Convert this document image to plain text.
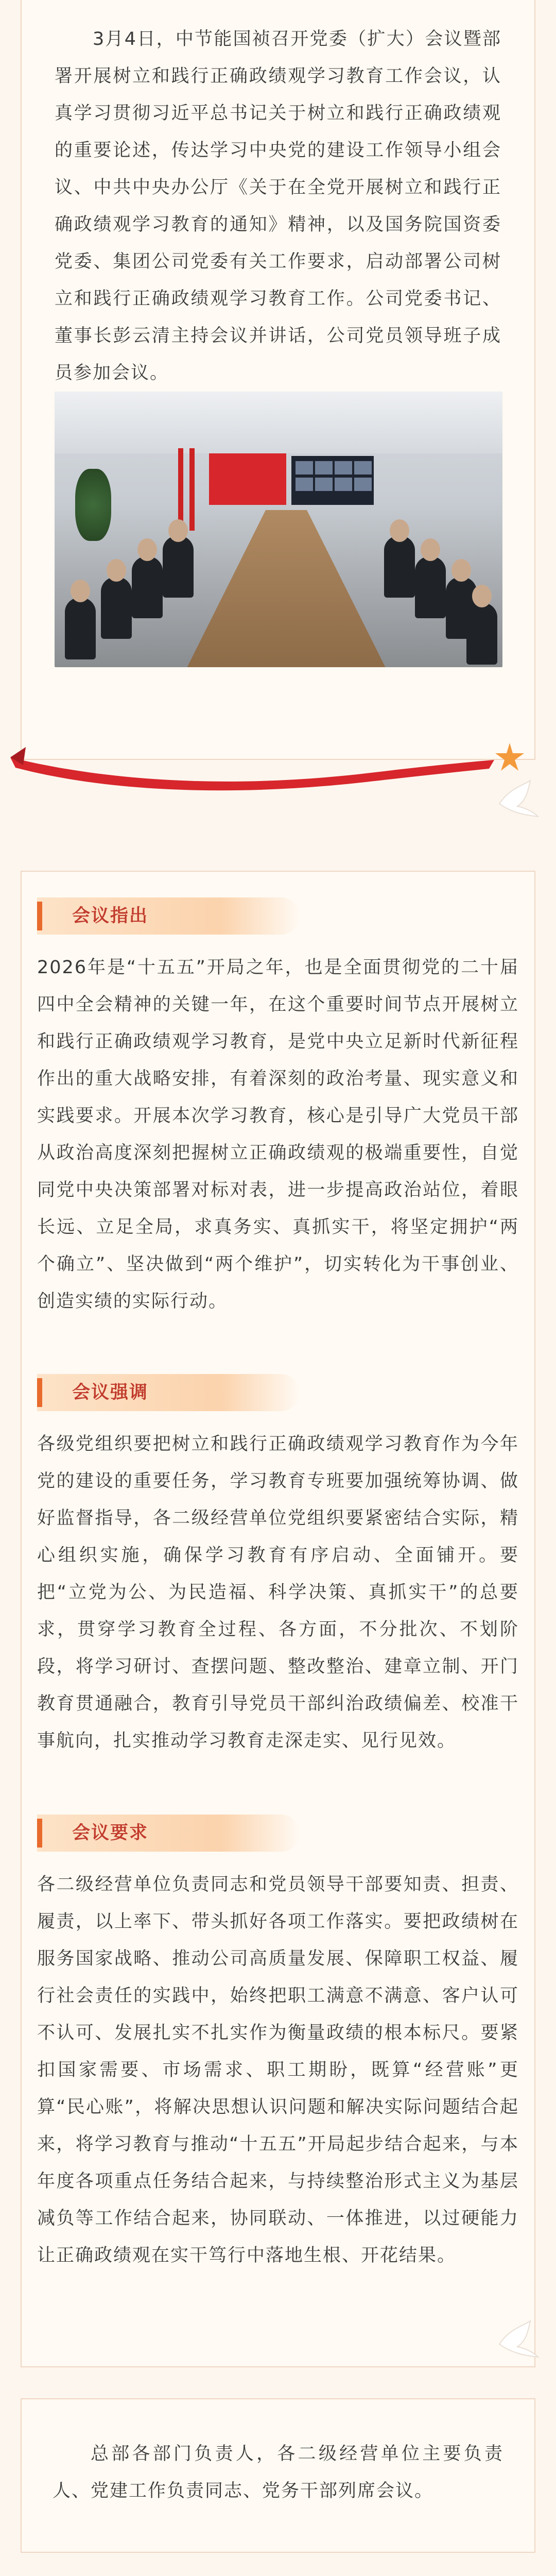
3月4日，中节能国祯召开党委（扩大）会议暨部署开展树立和践行正确政绩观学习教育工作会议，认真学习贯彻习近平总书记关于树立和践行正确政绩观的重要论述，传达学习中央党的建设工作领导小组会议、中共中央办公厅《关于在全党开展树立和践行正确政绩观学习教育的通知》精神，以及国务院国资委党委、集团公司党委有关工作要求，启动部署公司树立和践行正确政绩观学习教育工作。公司党委书记、董事长彭云清主持会议并讲话，公司党员领导班子成员参加会议。

会议指出

2026年是“十五五”开局之年，也是全面贯彻党的二十届四中全会精神的关键一年，在这个重要时间节点开展树立和践行正确政绩观学习教育，是党中央立足新时代新征程作出的重大战略安排，有着深刻的政治考量、现实意义和实践要求。开展本次学习教育，核心是引导广大党员干部从政治高度深刻把握树立正确政绩观的极端重要性，自觉同党中央决策部署对标对表，进一步提高政治站位，着眼长远、立足全局，求真务实、真抓实干，将坚定拥护“两个确立”、坚决做到“两个维护”，切实转化为干事创业、创造实绩的实际行动。

会议强调

各级党组织要把树立和践行正确政绩观学习教育作为今年党的建设的重要任务，学习教育专班要加强统筹协调、做好监督指导，各二级经营单位党组织要紧密结合实际，精心组织实施，确保学习教育有序启动、全面铺开。要把“立党为公、为民造福、科学决策、真抓实干”的总要求，贯穿学习教育全过程、各方面，不分批次、不划阶段，将学习研讨、查摆问题、整改整治、建章立制、开门教育贯通融合，教育引导党员干部纠治政绩偏差、校准干事航向，扎实推动学习教育走深走实、见行见效。

会议要求

各二级经营单位负责同志和党员领导干部要知责、担责、履责，以上率下、带头抓好各项工作落实。要把政绩树在服务国家战略、推动公司高质量发展、保障职工权益、履行社会责任的实践中，始终把职工满意不满意、客户认可不认可、发展扎实不扎实作为衡量政绩的根本标尺。要紧扣国家需要、市场需求、职工期盼，既算“经营账”更算“民心账”，将解决思想认识问题和解决实际问题结合起来，将学习教育与推动“十五五”开局起步结合起来，与本年度各项重点任务结合起来，与持续整治形式主义为基层减负等工作结合起来，协同联动、一体推进，以过硬能力让正确政绩观在实干笃行中落地生根、开花结果。

总部各部门负责人，各二级经营单位主要负责人、党建工作负责同志、党务干部列席会议。
